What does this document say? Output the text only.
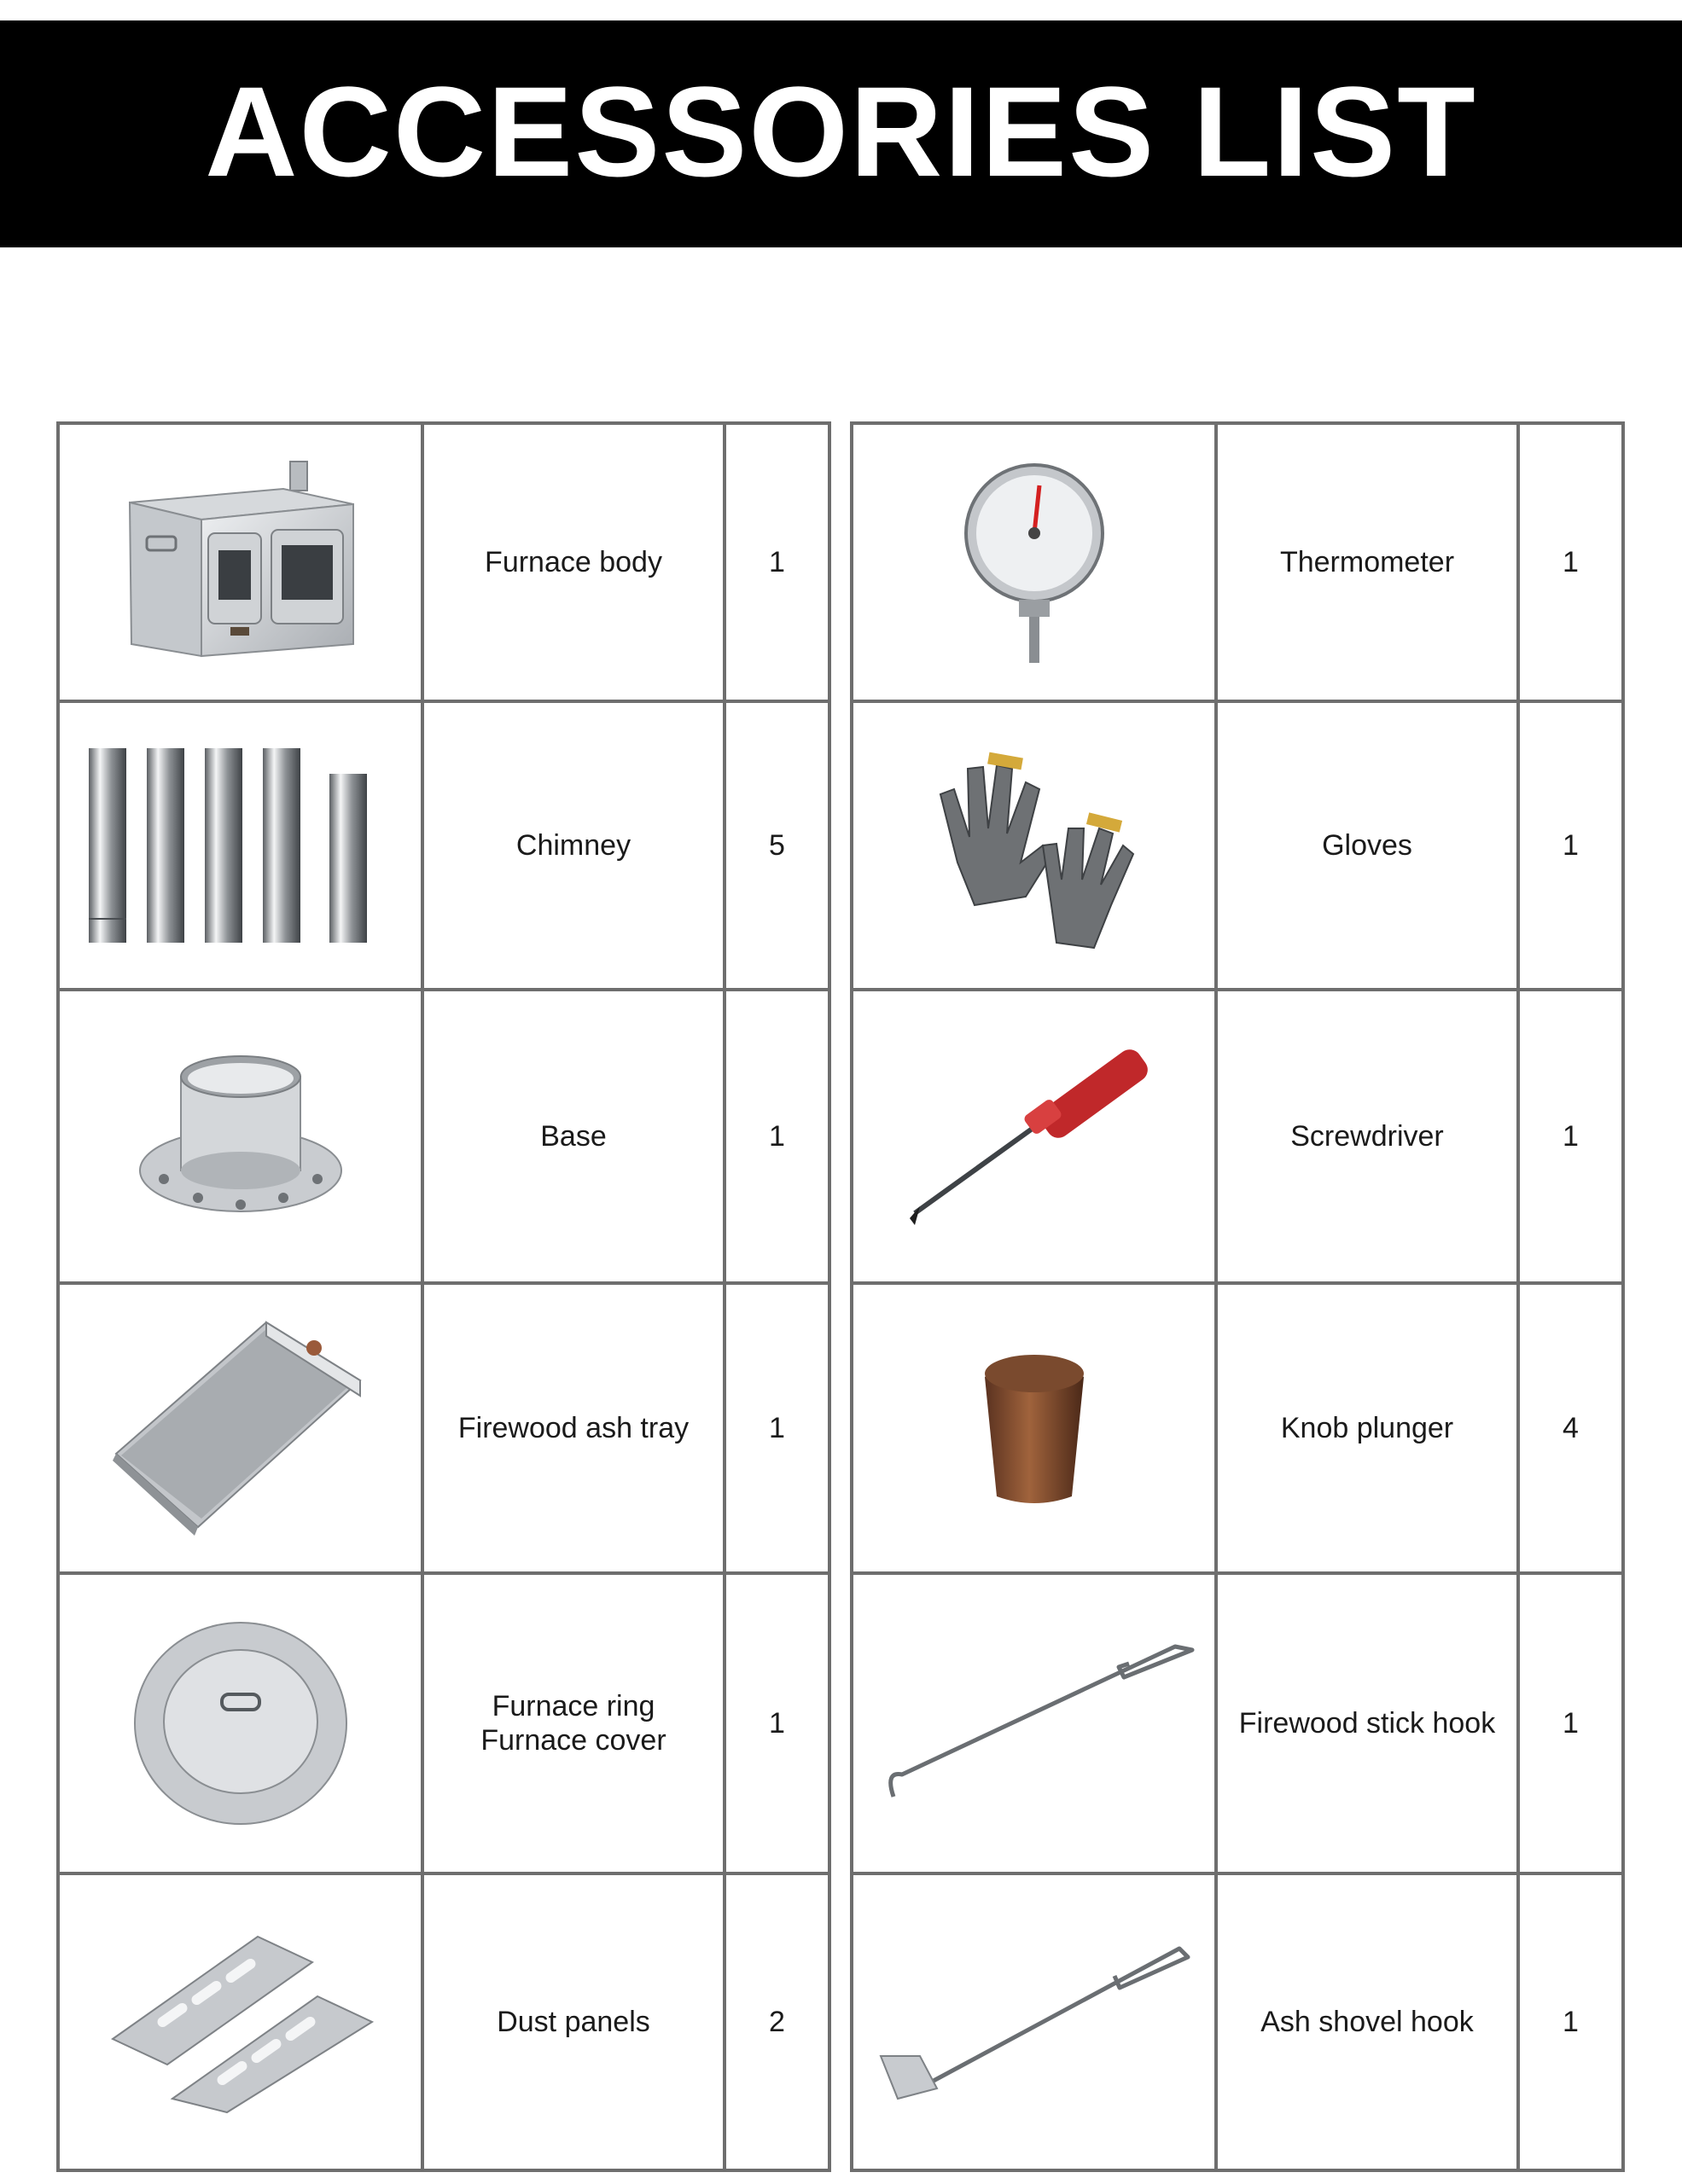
ACCESSORIES LIST

Furnace body	1

Chimney	5

Base	1

Firewood ash tray	1

Furnace ring
Furnace cover	1

Dust panels	2

Thermometer	1

Gloves	1

Screwdriver	1

Knob plunger	4

Firewood stick hook	1

Ash shovel hook	1
